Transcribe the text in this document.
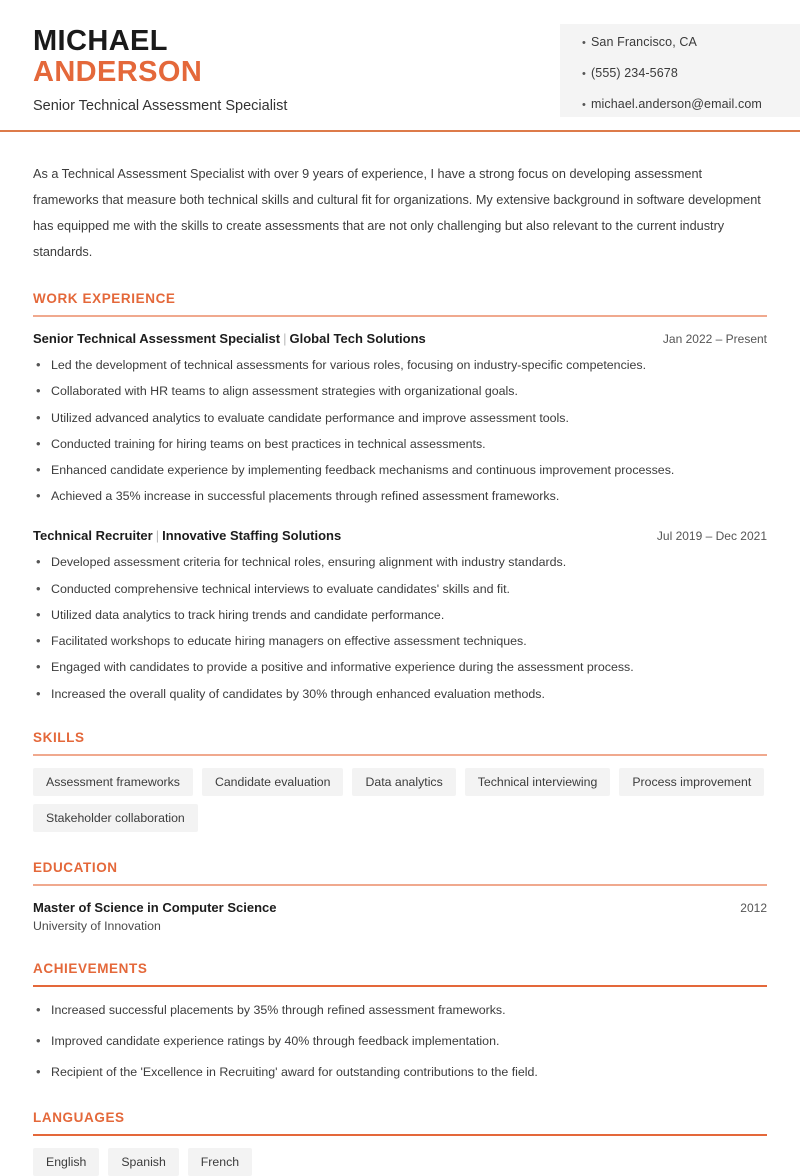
MICHAEL
ANDERSON
Senior Technical Assessment Specialist
• San Francisco, CA
• (555) 234-5678
• michael.anderson@email.com
As a Technical Assessment Specialist with over 9 years of experience, I have a strong focus on developing assessment frameworks that measure both technical skills and cultural fit for organizations. My extensive background in software development has equipped me with the skills to create assessments that are not only challenging but also relevant to the current industry standards.
WORK EXPERIENCE
Senior Technical Assessment Specialist | Global Tech Solutions	Jan 2022 – Present
• Led the development of technical assessments for various roles, focusing on industry-specific competencies.
• Collaborated with HR teams to align assessment strategies with organizational goals.
• Utilized advanced analytics to evaluate candidate performance and improve assessment tools.
• Conducted training for hiring teams on best practices in technical assessments.
• Enhanced candidate experience by implementing feedback mechanisms and continuous improvement processes.
• Achieved a 35% increase in successful placements through refined assessment frameworks.
Technical Recruiter | Innovative Staffing Solutions	Jul 2019 – Dec 2021
• Developed assessment criteria for technical roles, ensuring alignment with industry standards.
• Conducted comprehensive technical interviews to evaluate candidates' skills and fit.
• Utilized data analytics to track hiring trends and candidate performance.
• Facilitated workshops to educate hiring managers on effective assessment techniques.
• Engaged with candidates to provide a positive and informative experience during the assessment process.
• Increased the overall quality of candidates by 30% through enhanced evaluation methods.
SKILLS
Assessment frameworks	Candidate evaluation	Data analytics	Technical interviewing	Process improvement
Stakeholder collaboration
EDUCATION
Master of Science in Computer Science	2012
University of Innovation
ACHIEVEMENTS
• Increased successful placements by 35% through refined assessment frameworks.
• Improved candidate experience ratings by 40% through feedback implementation.
• Recipient of the 'Excellence in Recruiting' award for outstanding contributions to the field.
LANGUAGES
English	Spanish	French
